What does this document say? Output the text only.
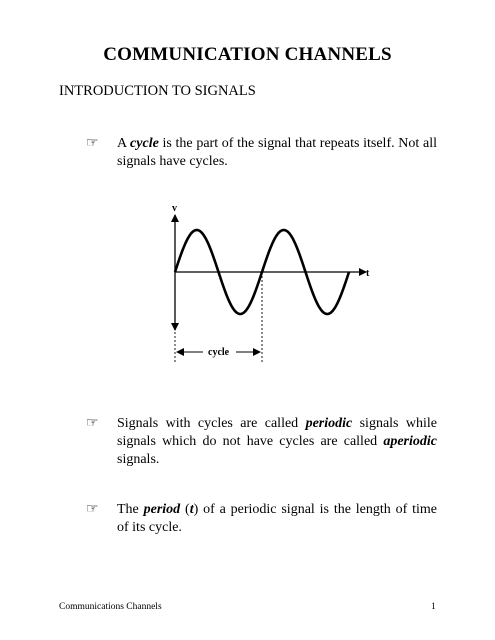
COMMUNICATION CHANNELS
INTRODUCTION TO SIGNALS
☞	A cycle is the part of the signal that repeats itself. Not all signals have cycles.
v
t
cycle
☞	Signals with cycles are called periodic signals while signals which do not have cycles are called aperiodic signals.
☞	The period (t) of a periodic signal is the length of time of its cycle.
Communications Channels	1
